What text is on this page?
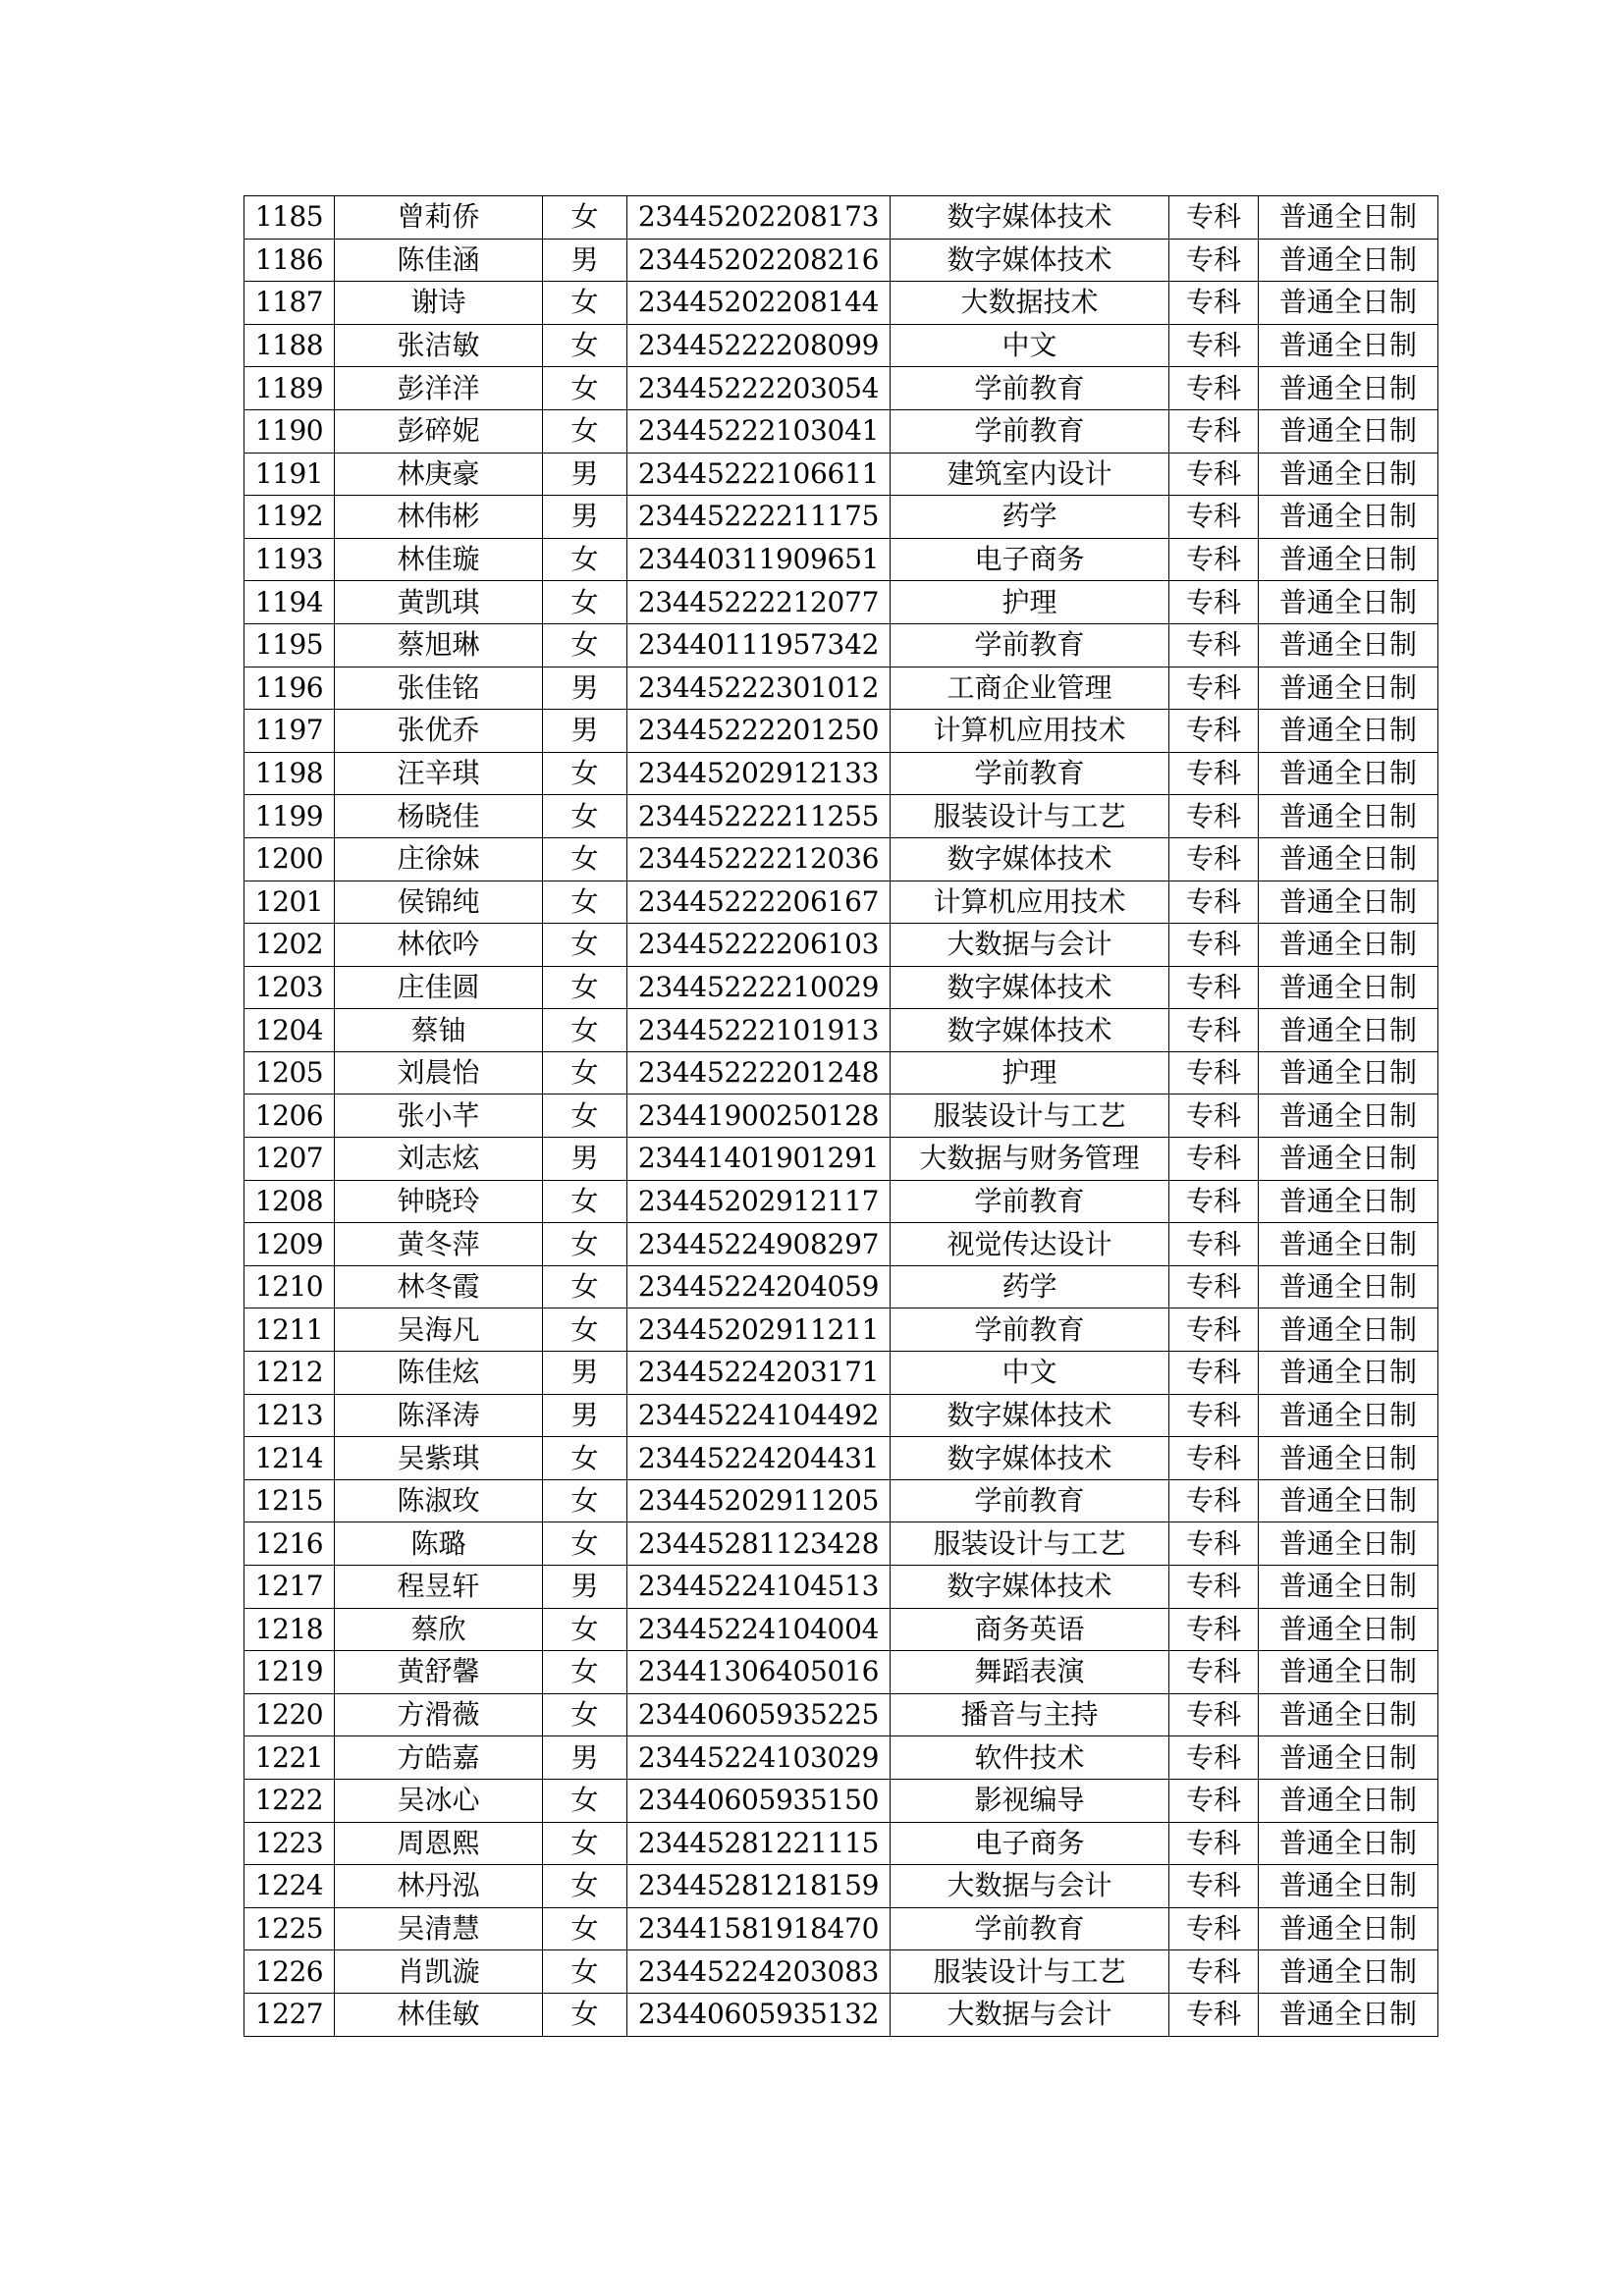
1185	曾莉侨	女	23445202208173	数字媒体技术	专科	普通全日制
1186	陈佳涵	男	23445202208216	数字媒体技术	专科	普通全日制
1187	谢诗	女	23445202208144	大数据技术	专科	普通全日制
1188	张洁敏	女	23445222208099	中文	专科	普通全日制
1189	彭洋洋	女	23445222203054	学前教育	专科	普通全日制
1190	彭碎妮	女	23445222103041	学前教育	专科	普通全日制
1191	林庚豪	男	23445222106611	建筑室内设计	专科	普通全日制
1192	林伟彬	男	23445222211175	药学	专科	普通全日制
1193	林佳璇	女	23440311909651	电子商务	专科	普通全日制
1194	黄凯琪	女	23445222212077	护理	专科	普通全日制
1195	蔡旭琳	女	23440111957342	学前教育	专科	普通全日制
1196	张佳铭	男	23445222301012	工商企业管理	专科	普通全日制
1197	张优乔	男	23445222201250	计算机应用技术	专科	普通全日制
1198	汪辛琪	女	23445202912133	学前教育	专科	普通全日制
1199	杨晓佳	女	23445222211255	服装设计与工艺	专科	普通全日制
1200	庄徐妹	女	23445222212036	数字媒体技术	专科	普通全日制
1201	侯锦纯	女	23445222206167	计算机应用技术	专科	普通全日制
1202	林依吟	女	23445222206103	大数据与会计	专科	普通全日制
1203	庄佳圆	女	23445222210029	数字媒体技术	专科	普通全日制
1204	蔡铀	女	23445222101913	数字媒体技术	专科	普通全日制
1205	刘晨怡	女	23445222201248	护理	专科	普通全日制
1206	张小芊	女	23441900250128	服装设计与工艺	专科	普通全日制
1207	刘志炫	男	23441401901291	大数据与财务管理	专科	普通全日制
1208	钟晓玲	女	23445202912117	学前教育	专科	普通全日制
1209	黄冬萍	女	23445224908297	视觉传达设计	专科	普通全日制
1210	林冬霞	女	23445224204059	药学	专科	普通全日制
1211	吴海凡	女	23445202911211	学前教育	专科	普通全日制
1212	陈佳炫	男	23445224203171	中文	专科	普通全日制
1213	陈泽涛	男	23445224104492	数字媒体技术	专科	普通全日制
1214	吴紫琪	女	23445224204431	数字媒体技术	专科	普通全日制
1215	陈淑玫	女	23445202911205	学前教育	专科	普通全日制
1216	陈璐	女	23445281123428	服装设计与工艺	专科	普通全日制
1217	程昱轩	男	23445224104513	数字媒体技术	专科	普通全日制
1218	蔡欣	女	23445224104004	商务英语	专科	普通全日制
1219	黄舒馨	女	23441306405016	舞蹈表演	专科	普通全日制
1220	方滑薇	女	23440605935225	播音与主持	专科	普通全日制
1221	方皓嘉	男	23445224103029	软件技术	专科	普通全日制
1222	吴冰心	女	23440605935150	影视编导	专科	普通全日制
1223	周恩熙	女	23445281221115	电子商务	专科	普通全日制
1224	林丹泓	女	23445281218159	大数据与会计	专科	普通全日制
1225	吴清慧	女	23441581918470	学前教育	专科	普通全日制
1226	肖凯漩	女	23445224203083	服装设计与工艺	专科	普通全日制
1227	林佳敏	女	23440605935132	大数据与会计	专科	普通全日制
